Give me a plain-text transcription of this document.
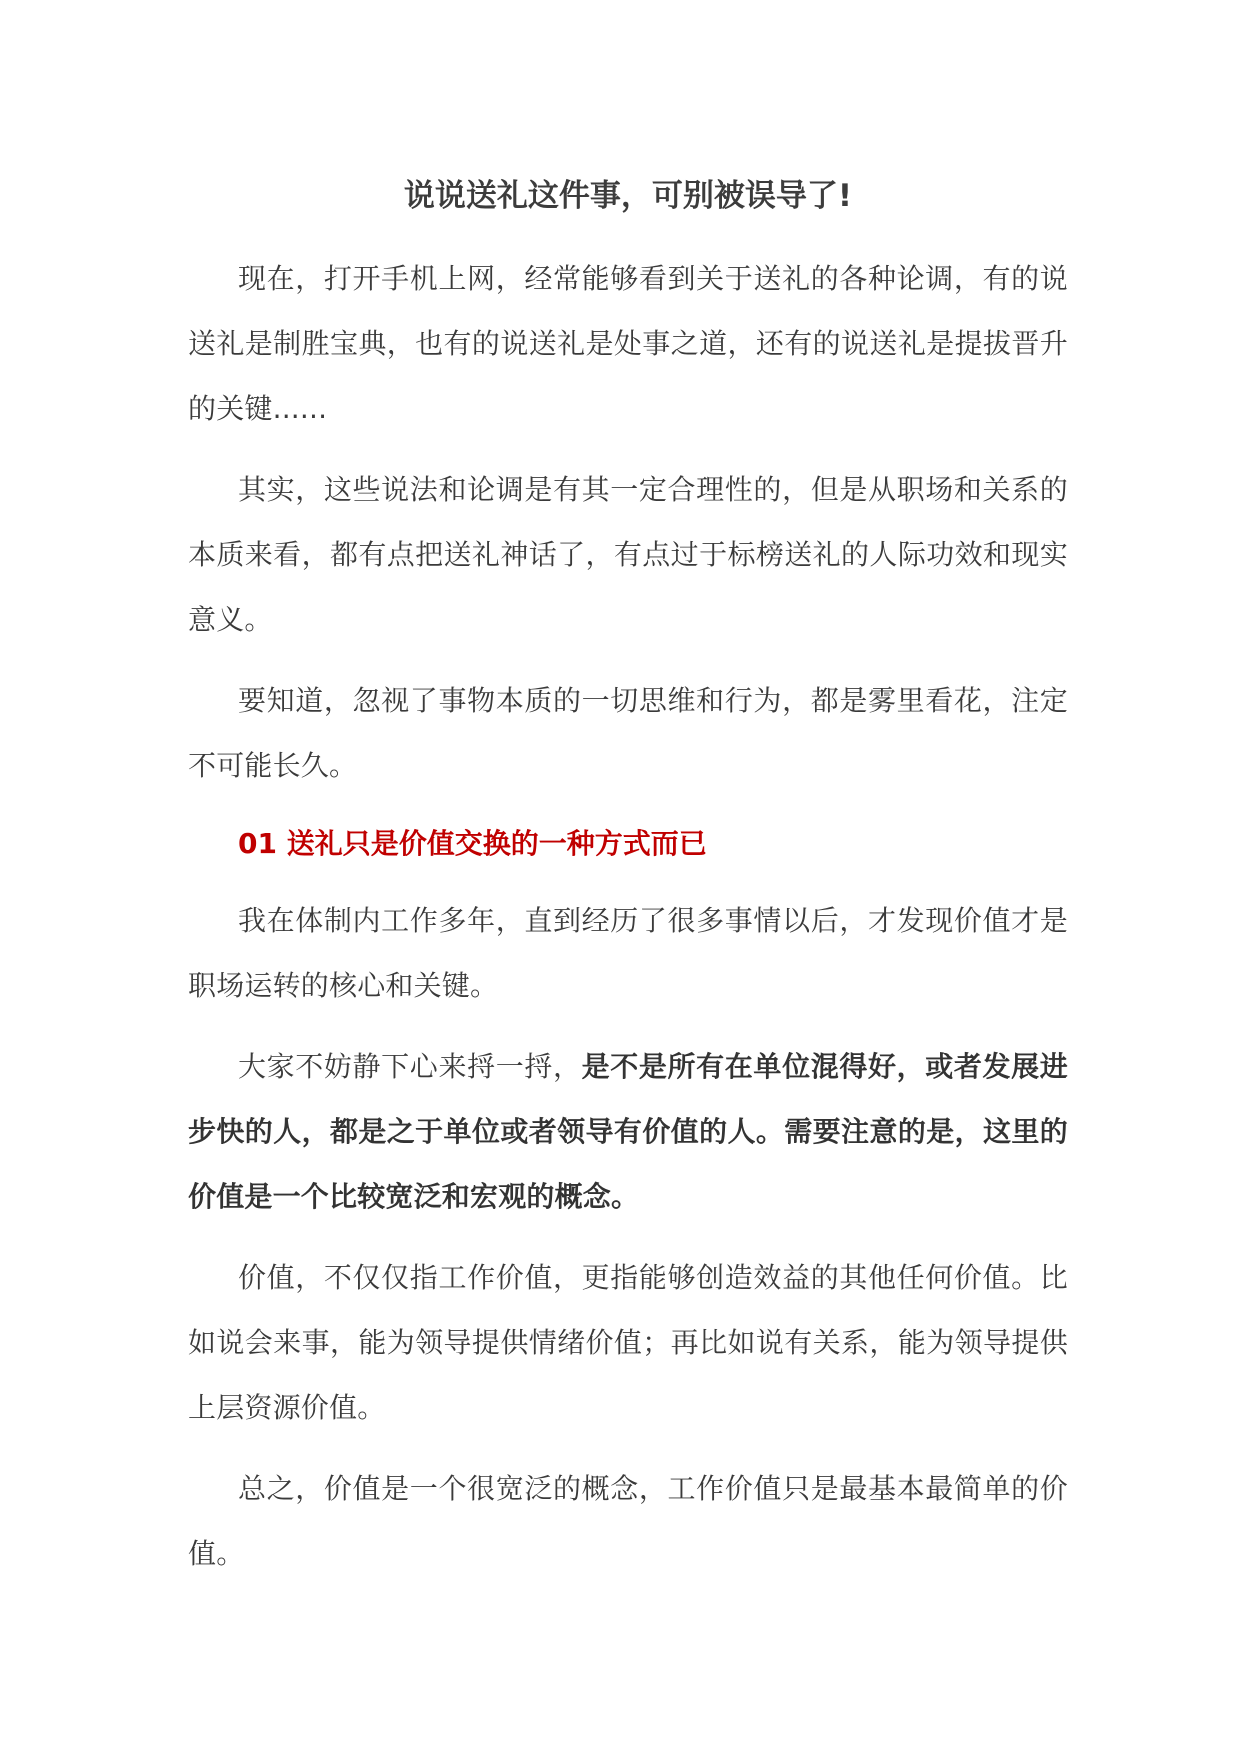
说说送礼这件事，可别被误导了!

现在，打开手机上网，经常能够看到关于送礼的各种论调，有的说送礼是制胜宝典，也有的说送礼是处事之道，还有的说送礼是提拔晋升的关键......

其实，这些说法和论调是有其一定合理性的，但是从职场和关系的本质来看，都有点把送礼神话了，有点过于标榜送礼的人际功效和现实意义。

要知道，忽视了事物本质的一切思维和行为，都是雾里看花，注定不可能长久。

01 送礼只是价值交换的一种方式而已

我在体制内工作多年，直到经历了很多事情以后，才发现价值才是职场运转的核心和关键。

大家不妨静下心来捋一捋，是不是所有在单位混得好，或者发展进步快的人，都是之于单位或者领导有价值的人。需要注意的是，这里的价值是一个比较宽泛和宏观的概念。

价值，不仅仅指工作价值，更指能够创造效益的其他任何价值。比如说会来事，能为领导提供情绪价值；再比如说有关系，能为领导提供上层资源价值。

总之，价值是一个很宽泛的概念，工作价值只是最基本最简单的价值。
